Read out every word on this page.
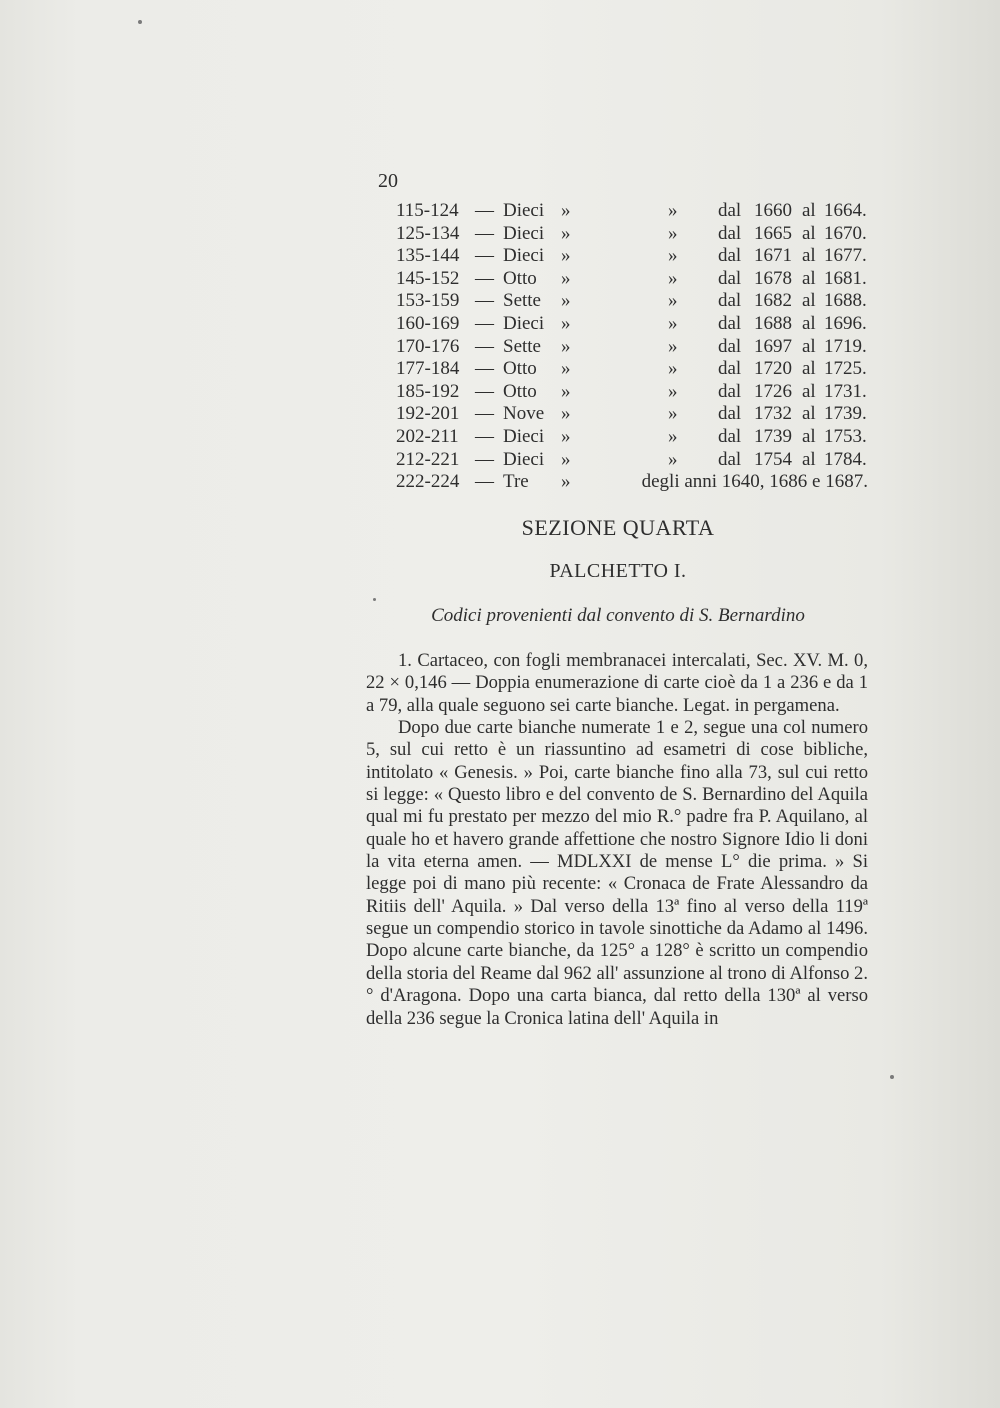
20
115-124 — Dieci »	» dal 1660 al 1664.
125-134 — Dieci »	» dal 1665 al 1670.
135-144 — Dieci »	» dal 1671 al 1677.
145-152 — Otto »	» dal 1678 al 1681.
153-159 — Sette »	» dal 1682 al 1688.
160-169 — Dieci »	» dal 1688 al 1696.
170-176 — Sette »	» dal 1697 al 1719.
177-184 — Otto »	» dal 1720 al 1725.
185-192 — Otto »	» dal 1726 al 1731.
192-201 — Nove »	» dal 1732 al 1739.
202-211 — Dieci »	» dal 1739 al 1753.
212-221 — Dieci »	» dal 1754 al 1784.
222-224 — Tre »	degli anni 1640, 1686 e 1687.
SEZIONE QUARTA
PALCHETTO I.
Codici provenienti dal convento di S. Bernardino

1. Cartaceo, con fogli membranacei intercalati, Sec. XV. M. 0, 22 × 0,146 — Doppia enumerazione di carte cioè da 1 a 236 e da 1 a 79, alla quale seguono sei carte bianche. Legat. in pergamena.

Dopo due carte bianche numerate 1 e 2, segue una col numero 5, sul cui retto è un riassuntino ad esametri di cose bibliche, intitolato « Genesis. » Poi, carte bianche fino alla 73, sul cui retto si legge: « Questo libro e del convento de S. Bernardino del Aquila qual mi fu prestato per mezzo del mio R.° padre fra P. Aquilano, al quale ho et havero grande affettione che nostro Signore Idio li doni la vita eterna amen. — MDLXXI de mense L° die prima. » Si legge poi di mano più recente: « Cronaca de Frate Alessandro da Ritiis dell' Aquila. » Dal verso della 13ª fino al verso della 119ª segue un compendio storico in tavole sinottiche da Adamo al 1496. Dopo alcune carte bianche, da 125° a 128° è scritto un compendio della storia del Reame dal 962 all' assunzione al trono di Alfonso 2.° d'Aragona. Dopo una carta bianca, dal retto della 130ª al verso della 236 segue la Cronica latina dell' Aquila in
